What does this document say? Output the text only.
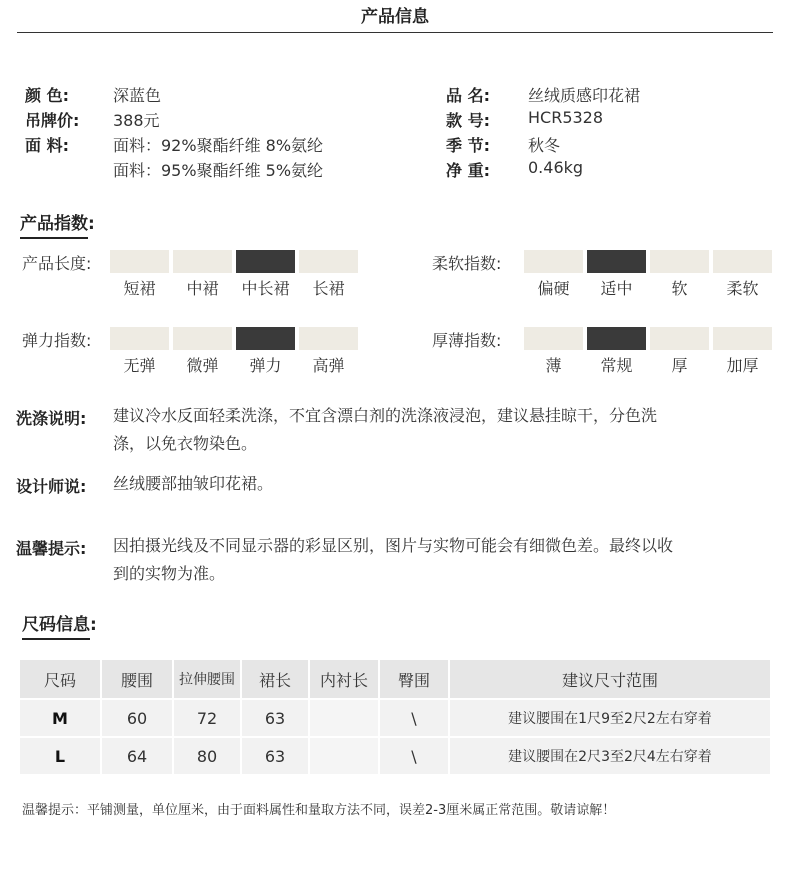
产品信息
颜 色:	深蓝色
吊牌价: 388元
面 料:	面料：92%聚酯纤维 8%氨纶
面料：95%聚酯纤维 5%氨纶
品 名: 丝绒质感印花裙
款 号: HCR5328
季 节: 秋冬
净 重: 0.46kg
产品指数:
产品长度:
短裙	中裙	中长裙	长裙
柔软指数:
偏硬	适中	软	柔软
弹力指数:
无弹	微弹	弹力	高弹
厚薄指数:
薄	常规	厚	加厚
洗涤说明: 建议冷水反面轻柔洗涤，不宜含漂白剂的洗涤液浸泡，建议悬挂晾干，分色洗
涤，以免衣物染色。
设计师说: 丝绒腰部抽皱印花裙。
温馨提示: 因拍摄光线及不同显示器的彩显区别，图片与实物可能会有细微色差。最终以收
到的实物为准。
尺码信息:
尺码	腰围	拉伸腰围	裙长	内衬长	臀围	建议尺寸范围
M	60	72	63		\	建议腰围在1尺9至2尺2左右穿着
L	64	80	63		\	建议腰围在2尺3至2尺4左右穿着
温馨提示：平铺测量，单位厘米，由于面料属性和量取方法不同，误差2-3厘米属正常范围。敬请谅解！
